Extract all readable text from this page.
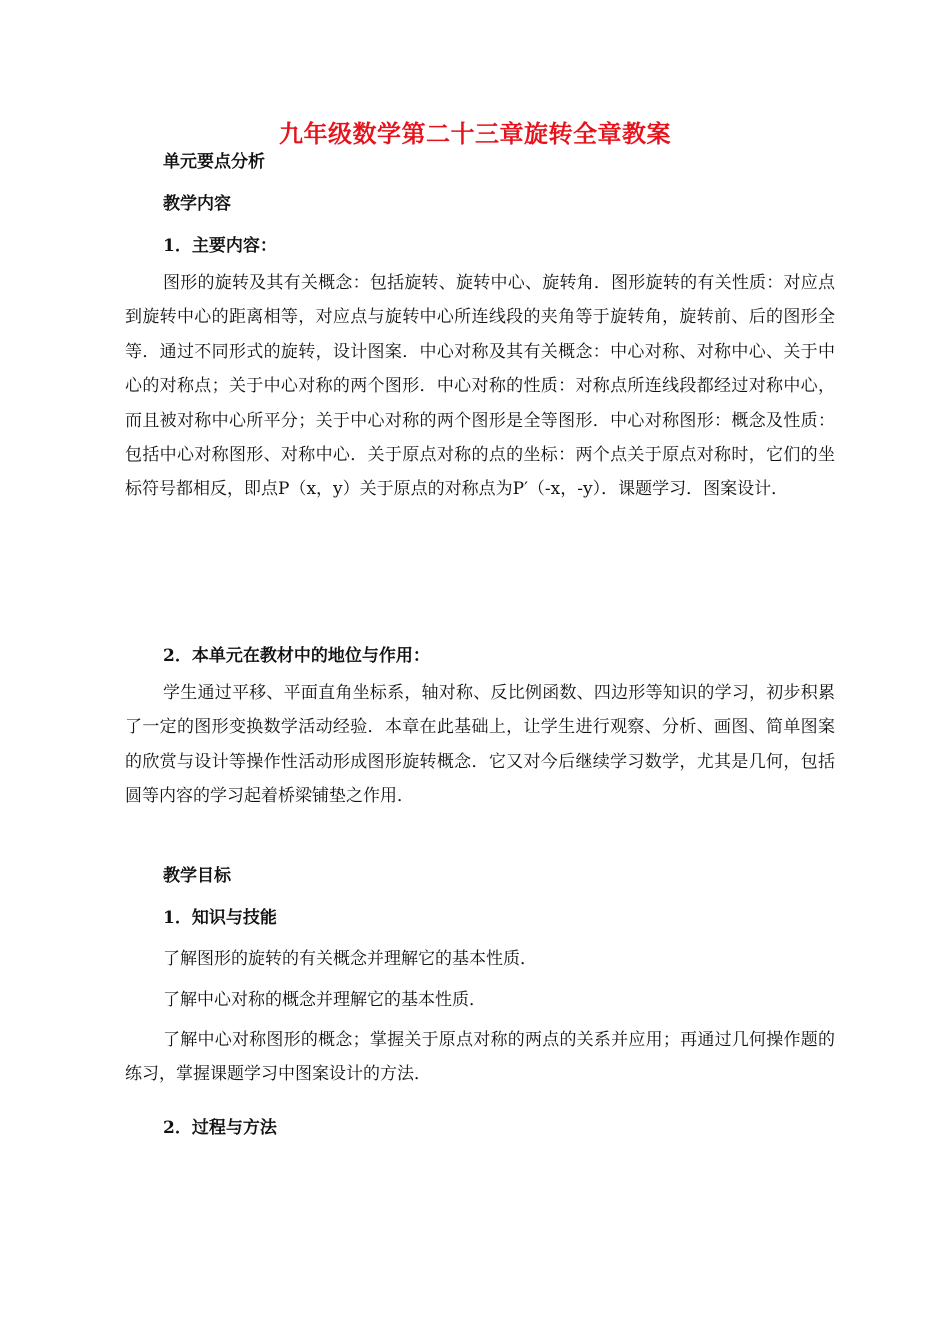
九年级数学第二十三章旋转全章教案
单元要点分析
教学内容
1．主要内容：
图形的旋转及其有关概念：包括旋转、旋转中心、旋转角．图形旋转的有关性质：对应点到旋转中心的距离相等，对应点与旋转中心所连线段的夹角等于旋转角，旋转前、后的图形全等．通过不同形式的旋转，设计图案．中心对称及其有关概念：中心对称、对称中心、关于中心的对称点；关于中心对称的两个图形．中心对称的性质：对称点所连线段都经过对称中心，而且被对称中心所平分；关于中心对称的两个图形是全等图形．中心对称图形：概念及性质：包括中心对称图形、对称中心．关于原点对称的点的坐标：两个点关于原点对称时，它们的坐标符号都相反，即点P（x，y）关于原点的对称点为P′（-x，-y）．课题学习．图案设计．
2．本单元在教材中的地位与作用：
学生通过平移、平面直角坐标系，轴对称、反比例函数、四边形等知识的学习，初步积累了一定的图形变换数学活动经验．本章在此基础上，让学生进行观察、分析、画图、简单图案的欣赏与设计等操作性活动形成图形旋转概念．它又对今后继续学习数学，尤其是几何，包括圆等内容的学习起着桥梁铺垫之作用．
教学目标
1．知识与技能
了解图形的旋转的有关概念并理解它的基本性质．
了解中心对称的概念并理解它的基本性质．
了解中心对称图形的概念；掌握关于原点对称的两点的关系并应用；再通过几何操作题的练习，掌握课题学习中图案设计的方法．
2．过程与方法
